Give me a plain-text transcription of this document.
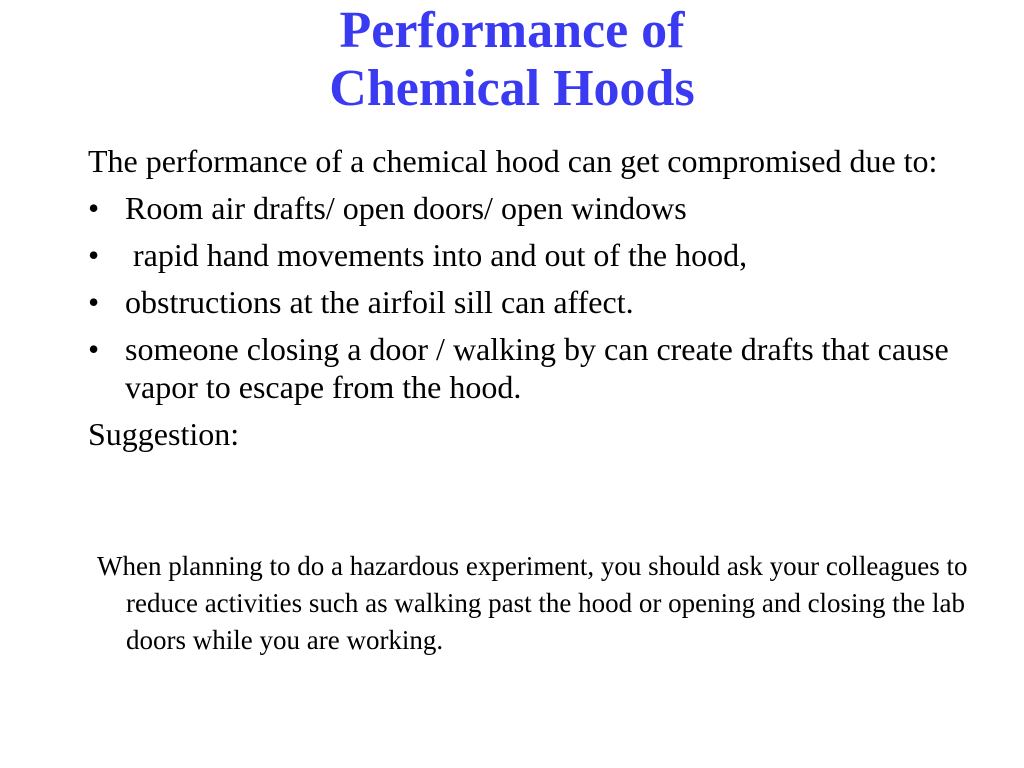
Performance of
Chemical Hoods

The performance of a chemical hood can get compromised due to:

• Room air drafts/ open doors/ open windows
• rapid hand movements into and out of the hood,
• obstructions at the airfoil sill can affect.
• someone closing a door / walking by can create drafts that cause vapor to escape from the hood.

Suggestion:

When planning to do a hazardous experiment, you should ask your colleagues to reduce activities such as walking past the hood or opening and closing the lab doors while you are working.
